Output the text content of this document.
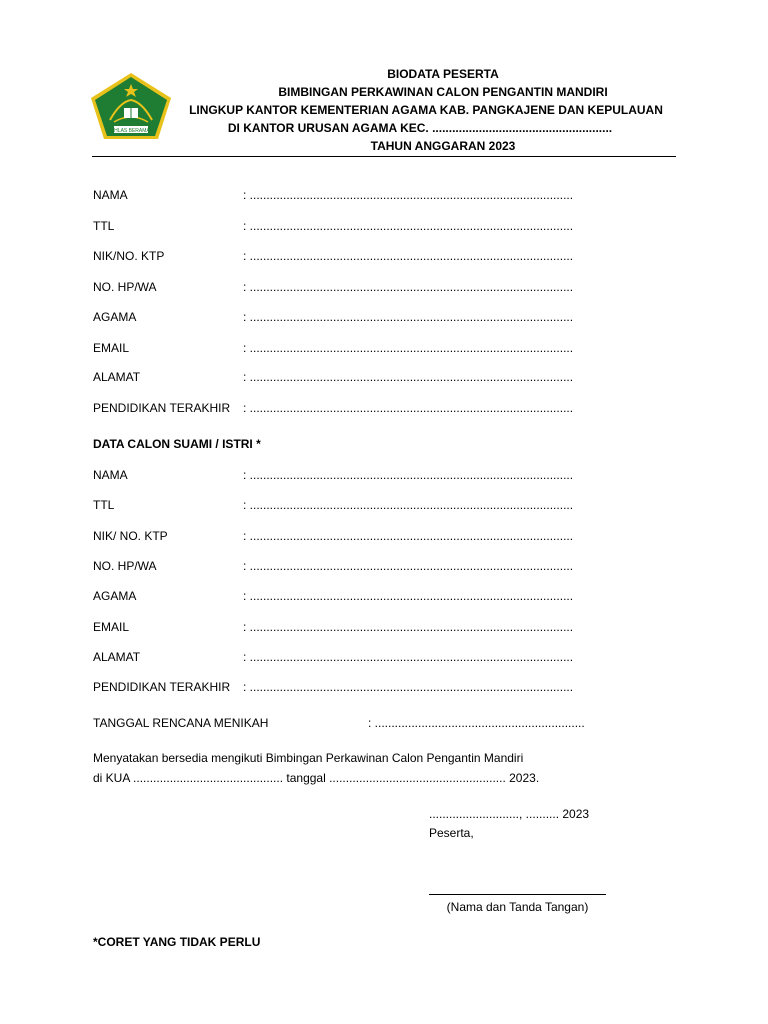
IKHLAS BERAMAL
BIODATA PESERTA
BIMBINGAN PERKAWINAN CALON PENGANTIN MANDIRI
LINGKUP KANTOR KEMENTERIAN AGAMA KAB. PANGKAJENE DAN KEPULAUAN
DI KANTOR URUSAN AGAMA KEC. ......................................................
TAHUN ANGGARAN 2023
NAMA	: .................................................................................................
TTL	: .................................................................................................
NIK/NO. KTP	: .................................................................................................
NO. HP/WA	: .................................................................................................
AGAMA	: .................................................................................................
EMAIL	: .................................................................................................
ALAMAT	: .................................................................................................
PENDIDIKAN TERAKHIR : .................................................................................................
DATA CALON SUAMI / ISTRI *
NAMA	: .................................................................................................
TTL	: .................................................................................................
NIK/ NO. KTP	: .................................................................................................
NO. HP/WA	: .................................................................................................
AGAMA	: .................................................................................................
EMAIL	: .................................................................................................
ALAMAT	: .................................................................................................
PENDIDIKAN TERAKHIR : .................................................................................................
TANGGAL RENCANA MENIKAH	: ...............................................................
Menyatakan bersedia mengikuti Bimbingan Perkawinan Calon Pengantin Mandiri
di KUA ............................................. tanggal ..................................................... 2023.
..........................., .......... 2023
Peserta,
(Nama dan Tanda Tangan)
*CORET YANG TIDAK PERLU
